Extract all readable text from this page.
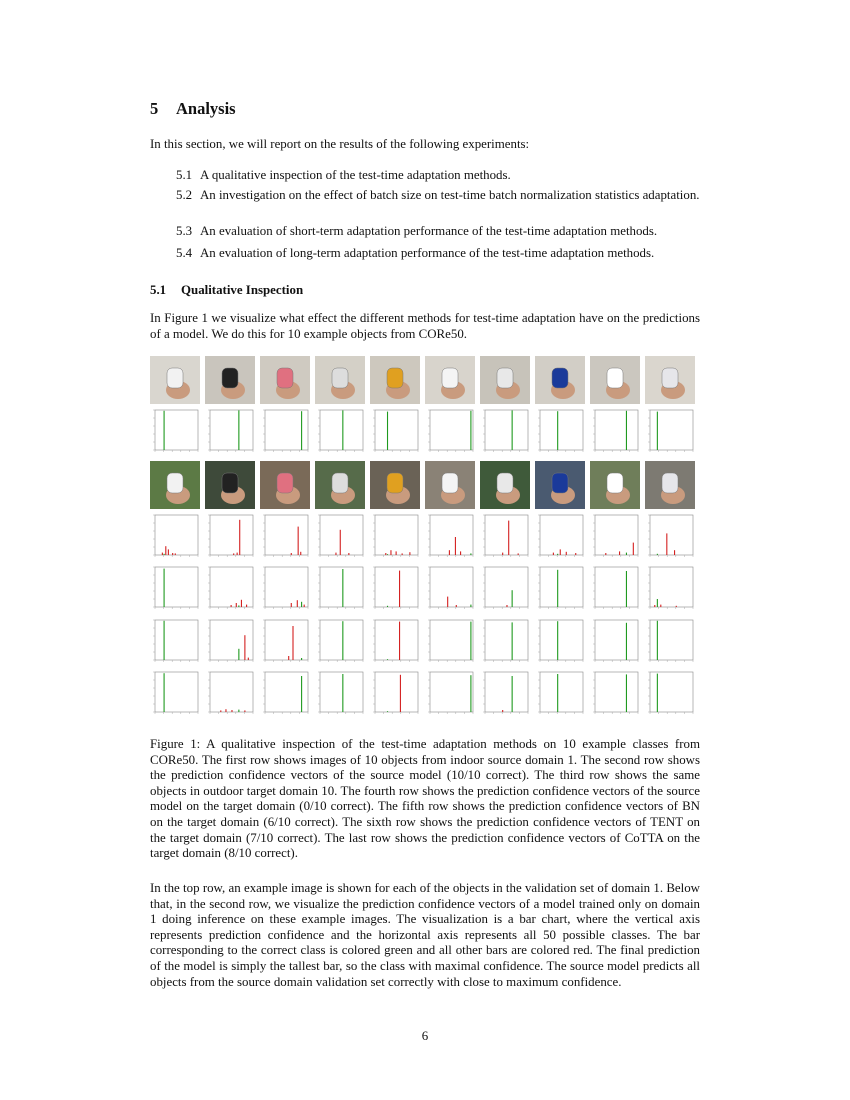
5 Analysis
In this section, we will report on the results of the following experiments:
5.1 A qualitative inspection of the test-time adaptation methods.
5.2 An investigation on the effect of batch size on test-time batch normalization statistics adaptation.
5.3 An evaluation of short-term adaptation performance of the test-time adaptation methods.
5.4 An evaluation of long-term adaptation performance of the test-time adaptation methods.
5.1 Qualitative Inspection
In Figure 1 we visualize what effect the different methods for test-time adaptation have on the predictions of a model. We do this for 10 example objects from CORe50.
Figure 1: A qualitative inspection of the test-time adaptation methods on 10 example classes from CORe50. The first row shows images of 10 objects from indoor source domain 1. The second row shows the prediction confidence vectors of the source model (10/10 correct). The third row shows the same objects in outdoor target domain 10. The fourth row shows the prediction confidence vectors of the source model on the target domain (0/10 correct). The fifth row shows the prediction confidence vectors of BN on the target domain (6/10 correct). The sixth row shows the prediction confidence vectors of TENT on the target domain (7/10 correct). The last row shows the prediction confidence vectors of CoTTA on the target domain (8/10 correct).
In the top row, an example image is shown for each of the objects in the validation set of domain 1. Below that, in the second row, we visualize the prediction confidence vectors of a model trained only on domain 1 doing inference on these example images. The visualization is a bar chart, where the vertical axis represents prediction confidence and the horizontal axis represents all 50 possible classes. The bar corresponding to the correct class is colored green and all other bars are colored red. The final prediction of the model is simply the tallest bar, so the class with maximal confidence. The source model predicts all objects from the source domain validation set correctly with close to maximum confidence.
6
